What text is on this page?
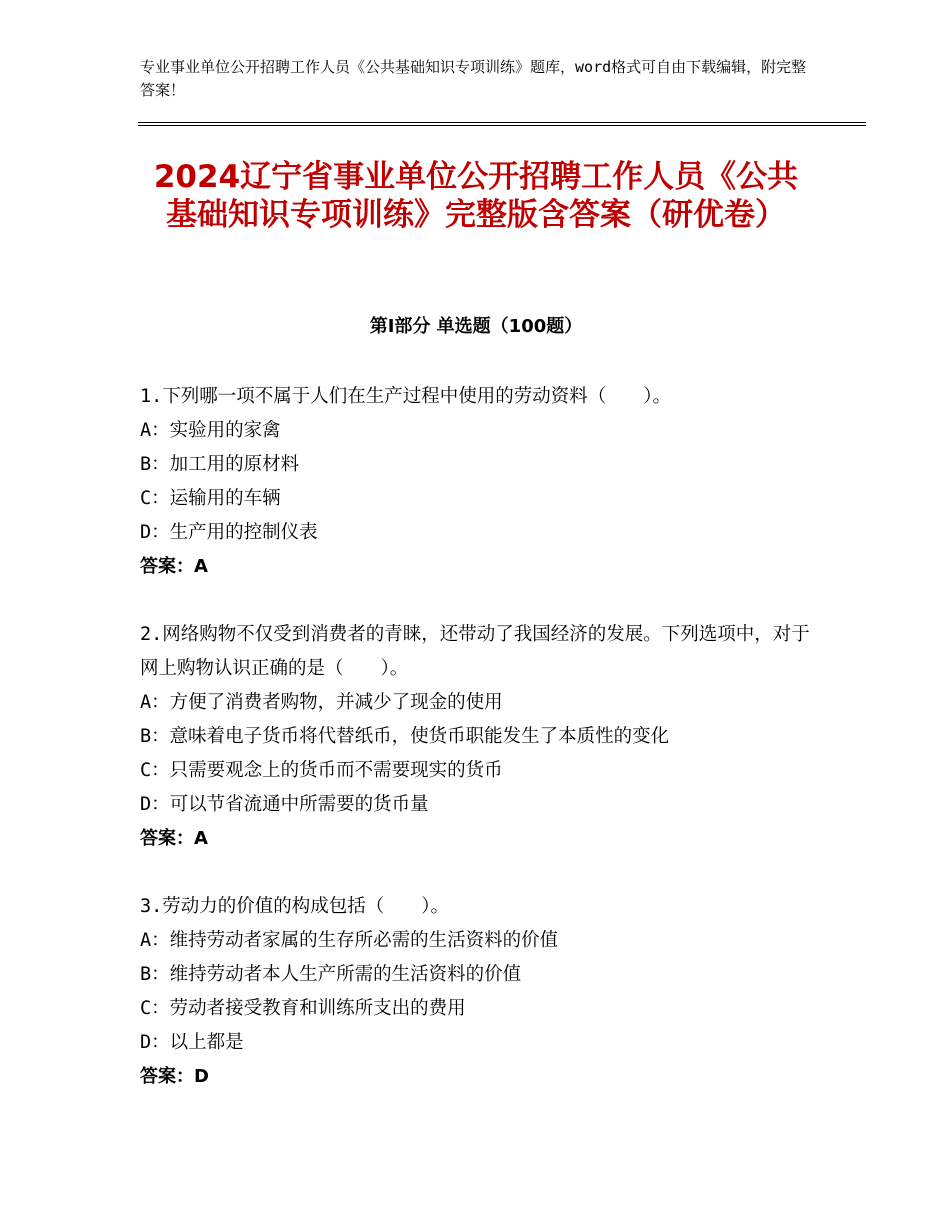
专业事业单位公开招聘工作人员《公共基础知识专项训练》题库，word格式可自由下载编辑，附完整答案！
2024辽宁省事业单位公开招聘工作人员《公共基础知识专项训练》完整版含答案（研优卷）
第Ⅰ部分 单选题（100题）
1.下列哪一项不属于人们在生产过程中使用的劳动资料（　　）。
A：实验用的家禽
B：加工用的原材料
C：运输用的车辆
D：生产用的控制仪表
答案：A
2.网络购物不仅受到消费者的青睐，还带动了我国经济的发展。下列选项中，对于网上购物认识正确的是（　　）。
A：方便了消费者购物，并减少了现金的使用
B：意味着电子货币将代替纸币，使货币职能发生了本质性的变化
C：只需要观念上的货币而不需要现实的货币
D：可以节省流通中所需要的货币量
答案：A
3.劳动力的价值的构成包括（　　）。
A：维持劳动者家属的生存所必需的生活资料的价值
B：维持劳动者本人生产所需的生活资料的价值
C：劳动者接受教育和训练所支出的费用
D：以上都是
答案：D
